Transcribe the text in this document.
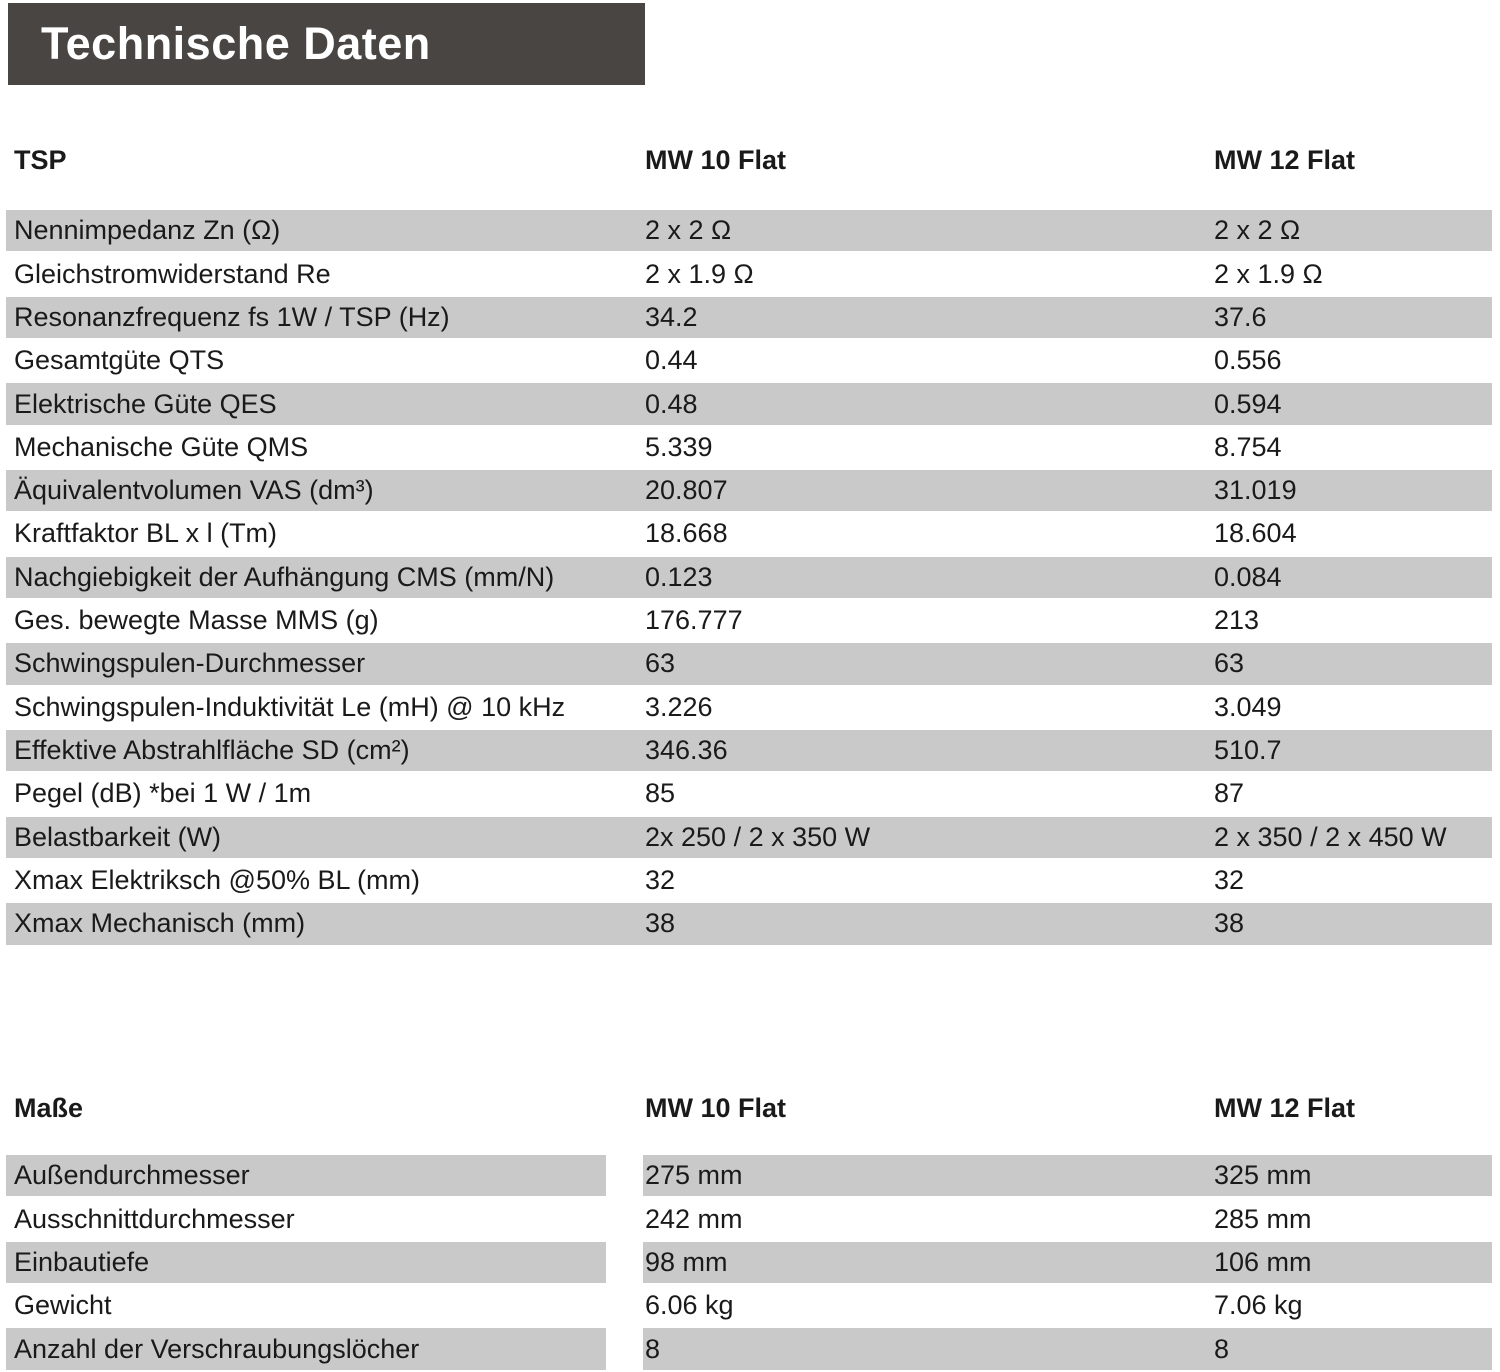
Technische Daten
TSP	MW 10 Flat	MW 12 Flat
Nennimpedanz Zn (Ω)	2 x 2 Ω	2 x 2 Ω
Gleichstromwiderstand Re	2 x 1.9 Ω	2 x 1.9 Ω
Resonanzfrequenz fs 1W / TSP (Hz)	34.2	37.6
Gesamtgüte QTS	0.44	0.556
Elektrische Güte QES	0.48	0.594
Mechanische Güte QMS	5.339	8.754
Äquivalentvolumen VAS (dm³)	20.807	31.019
Kraftfaktor BL x l (Tm)	18.668	18.604
Nachgiebigkeit der Aufhängung CMS (mm/N)	0.123	0.084
Ges. bewegte Masse MMS (g)	176.777	213
Schwingspulen-Durchmesser	63	63
Schwingspulen-Induktivität Le (mH) @ 10 kHz	3.226	3.049
Effektive Abstrahlfläche SD (cm²)	346.36	510.7
Pegel (dB) *bei 1 W / 1m	85	87
Belastbarkeit (W)	2x 250 / 2 x 350 W	2 x 350 / 2 x 450 W
Xmax Elektriksch @50% BL (mm)	32	32
Xmax Mechanisch (mm)	38	38
Maße	MW 10 Flat	MW 12 Flat
Außendurchmesser	275 mm	325 mm
Ausschnittdurchmesser	242 mm	285 mm
Einbautiefe	98 mm	106 mm
Gewicht	6.06 kg	7.06 kg
Anzahl der Verschraubungslöcher	8	8
